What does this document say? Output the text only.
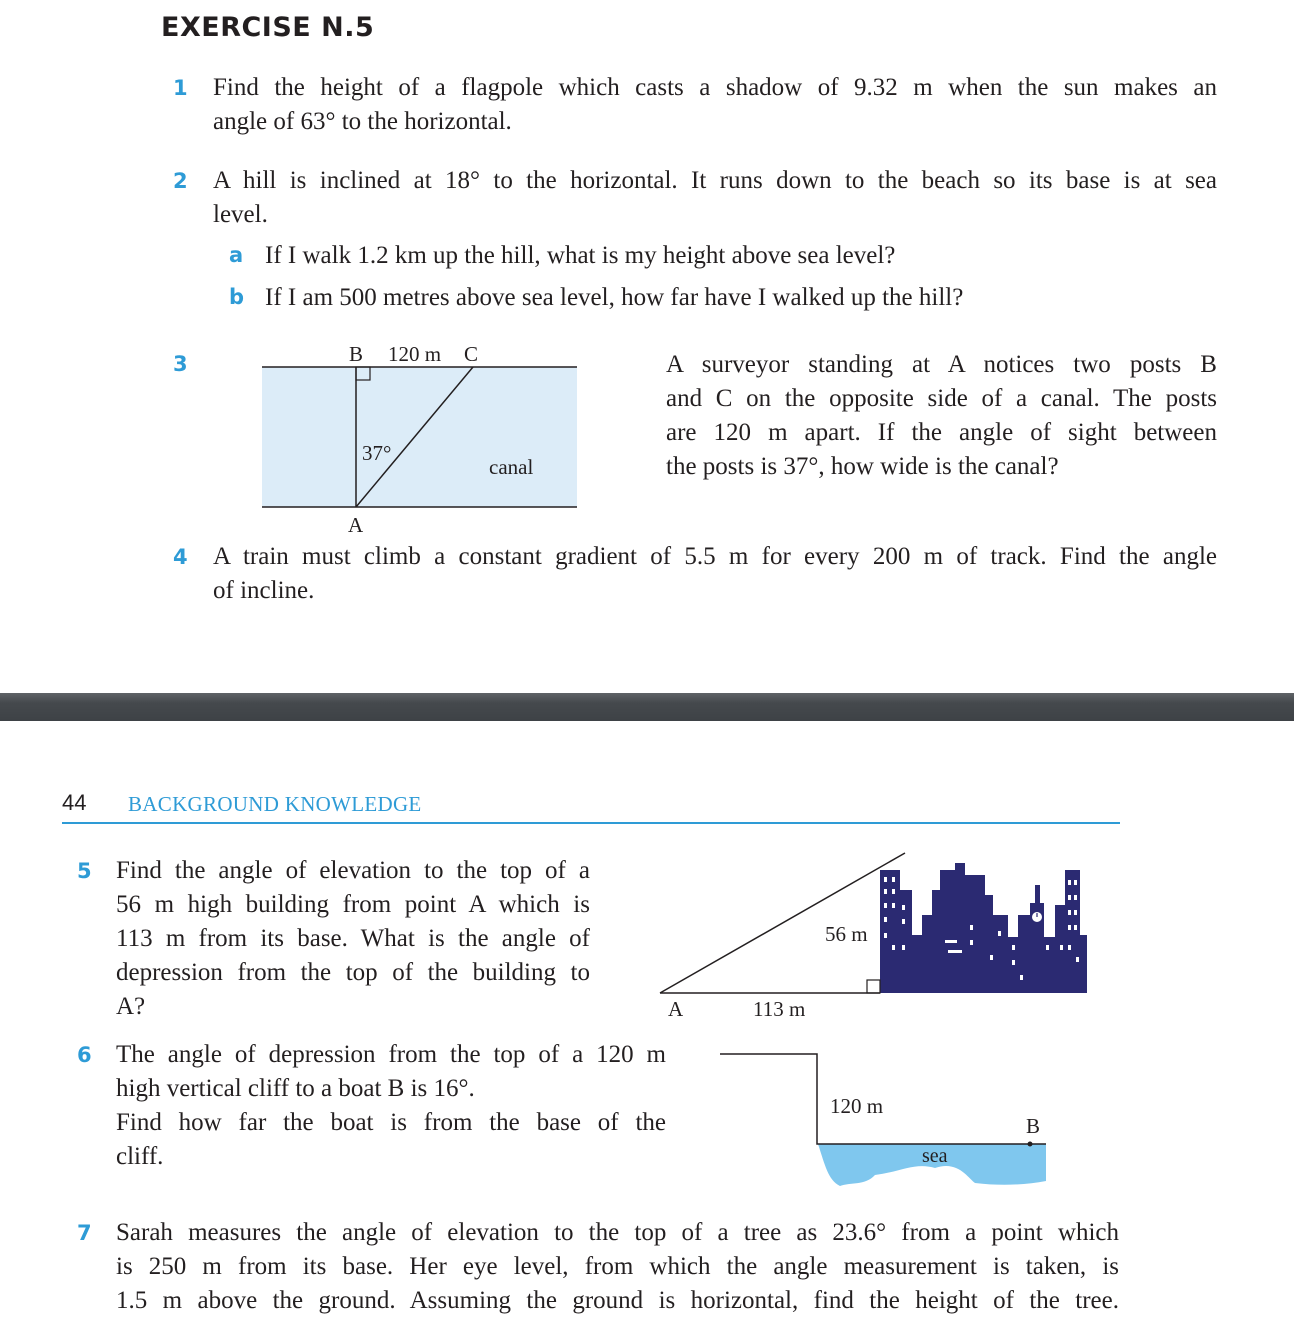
EXERCISE N.5
1 Find the height of a flagpole which casts a shadow of 9.32 m when the sun makes an
angle of 63° to the horizontal.
2 A hill is inclined at 18° to the horizontal. It runs down to the beach so its base is at sea
level.
a If I walk 1.2 km up the hill, what is my height above sea level?
b If I am 500 metres above sea level, how far have I walked up the hill?
3	B 120 m C
37°
canal
A
A surveyor standing at A notices two posts B
and C on the opposite side of a canal. The posts
are 120 m apart. If the angle of sight between
the posts is 37°, how wide is the canal?
4 A train must climb a constant gradient of 5.5 m for every 200 m of track. Find the angle
of incline.
44 BACKGROUND KNOWLEDGE
5 Find the angle of elevation to the top of a
56 m high building from point A which is
113 m from its base. What is the angle of
depression from the top of the building to
A?
56 m
A	113 m
6 The angle of depression from the top of a 120 m
high vertical cliff to a boat B is 16°.
Find how far the boat is from the base of the
cliff.
120 m
B
sea
7 Sarah measures the angle of elevation to the top of a tree as 23.6° from a point which
is 250 m from its base. Her eye level, from which the angle measurement is taken, is
1.5 m above the ground. Assuming the ground is horizontal, find the height of the tree.
